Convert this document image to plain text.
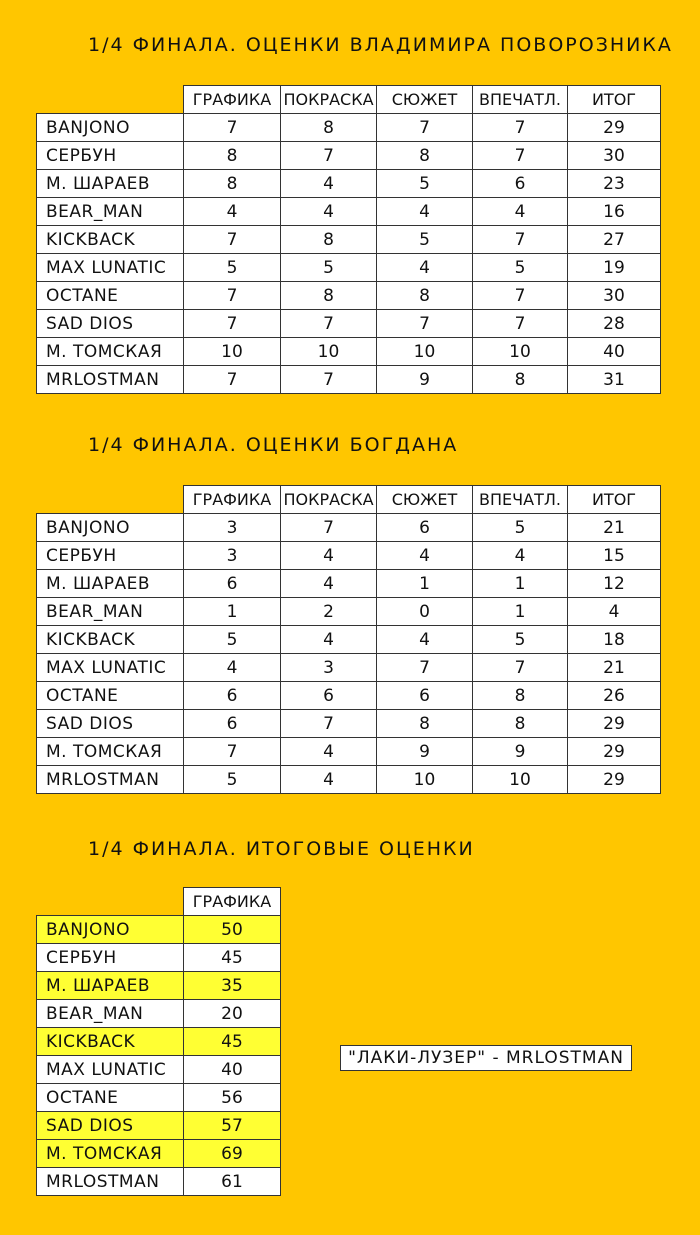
1/4 ФИНАЛА. ОЦЕНКИ ВЛАДИМИРА ПОВОРОЗНИКА
	ГРАФИКА	ПОКРАСКА	СЮЖЕТ	ВПЕЧАТЛ.	ИТОГ
BANJONO	7	8	7	7	29
СЕРБУН	8	7	8	7	30
М. ШАРАЕВ	8	4	5	6	23
BEAR_MAN	4	4	4	4	16
KICKBACK	7	8	5	7	27
MAX LUNATIC	5	5	4	5	19
OCTANE	7	8	8	7	30
SAD DIOS	7	7	7	7	28
М. ТОМСКАЯ	10	10	10	10	40
MRLOSTMAN	7	7	9	8	31
1/4 ФИНАЛА. ОЦЕНКИ БОГДАНА
	ГРАФИКА	ПОКРАСКА	СЮЖЕТ	ВПЕЧАТЛ.	ИТОГ
BANJONO	3	7	6	5	21
СЕРБУН	3	4	4	4	15
М. ШАРАЕВ	6	4	1	1	12
BEAR_MAN	1	2	0	1	4
KICKBACK	5	4	4	5	18
MAX LUNATIC	4	3	7	7	21
OCTANE	6	6	6	8	26
SAD DIOS	6	7	8	8	29
М. ТОМСКАЯ	7	4	9	9	29
MRLOSTMAN	5	4	10	10	29
1/4 ФИНАЛА. ИТОГОВЫЕ ОЦЕНКИ
	ГРАФИКА
BANJONO	50
СЕРБУН	45
М. ШАРАЕВ	35
BEAR_MAN	20
KICKBACK	45
MAX LUNATIC	40
OCTANE	56
SAD DIOS	57
М. ТОМСКАЯ	69
MRLOSTMAN	61
"ЛАКИ-ЛУЗЕР" - MRLOSTMAN
